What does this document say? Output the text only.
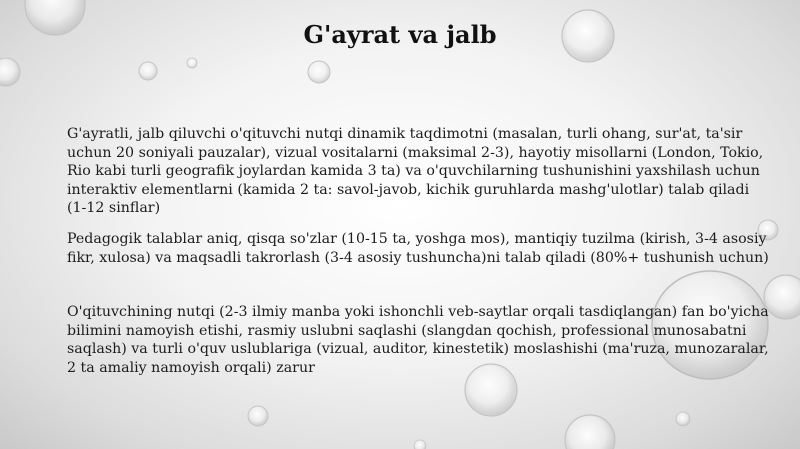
G'ayrat va jalb

G'ayratli, jalb qiluvchi o'qituvchi nutqi dinamik taqdimotni (masalan, turli ohang, sur'at, ta'sir uchun 20 soniyali pauzalar), vizual vositalarni (maksimal 2-3), hayotiy misollarni (London, Tokio, Rio kabi turli geografik joylardan kamida 3 ta) va o'quvchilarning tushunishini yaxshilash uchun interaktiv elementlarni (kamida 2 ta: savol-javob, kichik guruhlarda mashg'ulotlar) talab qiladi (1-12 sinflar)

Pedagogik talablar aniq, qisqa so'zlar (10-15 ta, yoshga mos), mantiqiy tuzilma (kirish, 3-4 asosiy fikr, xulosa) va maqsadli takrorlash (3-4 asosiy tushuncha)ni talab qiladi (80%+ tushunish uchun)

O'qituvchining nutqi (2-3 ilmiy manba yoki ishonchli veb-saytlar orqali tasdiqlangan) fan bo'yicha bilimini namoyish etishi, rasmiy uslubni saqlashi (slangdan qochish, professional munosabatni saqlash) va turli o'quv uslublariga (vizual, auditor, kinestetik) moslashishi (ma'ruza, munozaralar, 2 ta amaliy namoyish orqali) zarur
